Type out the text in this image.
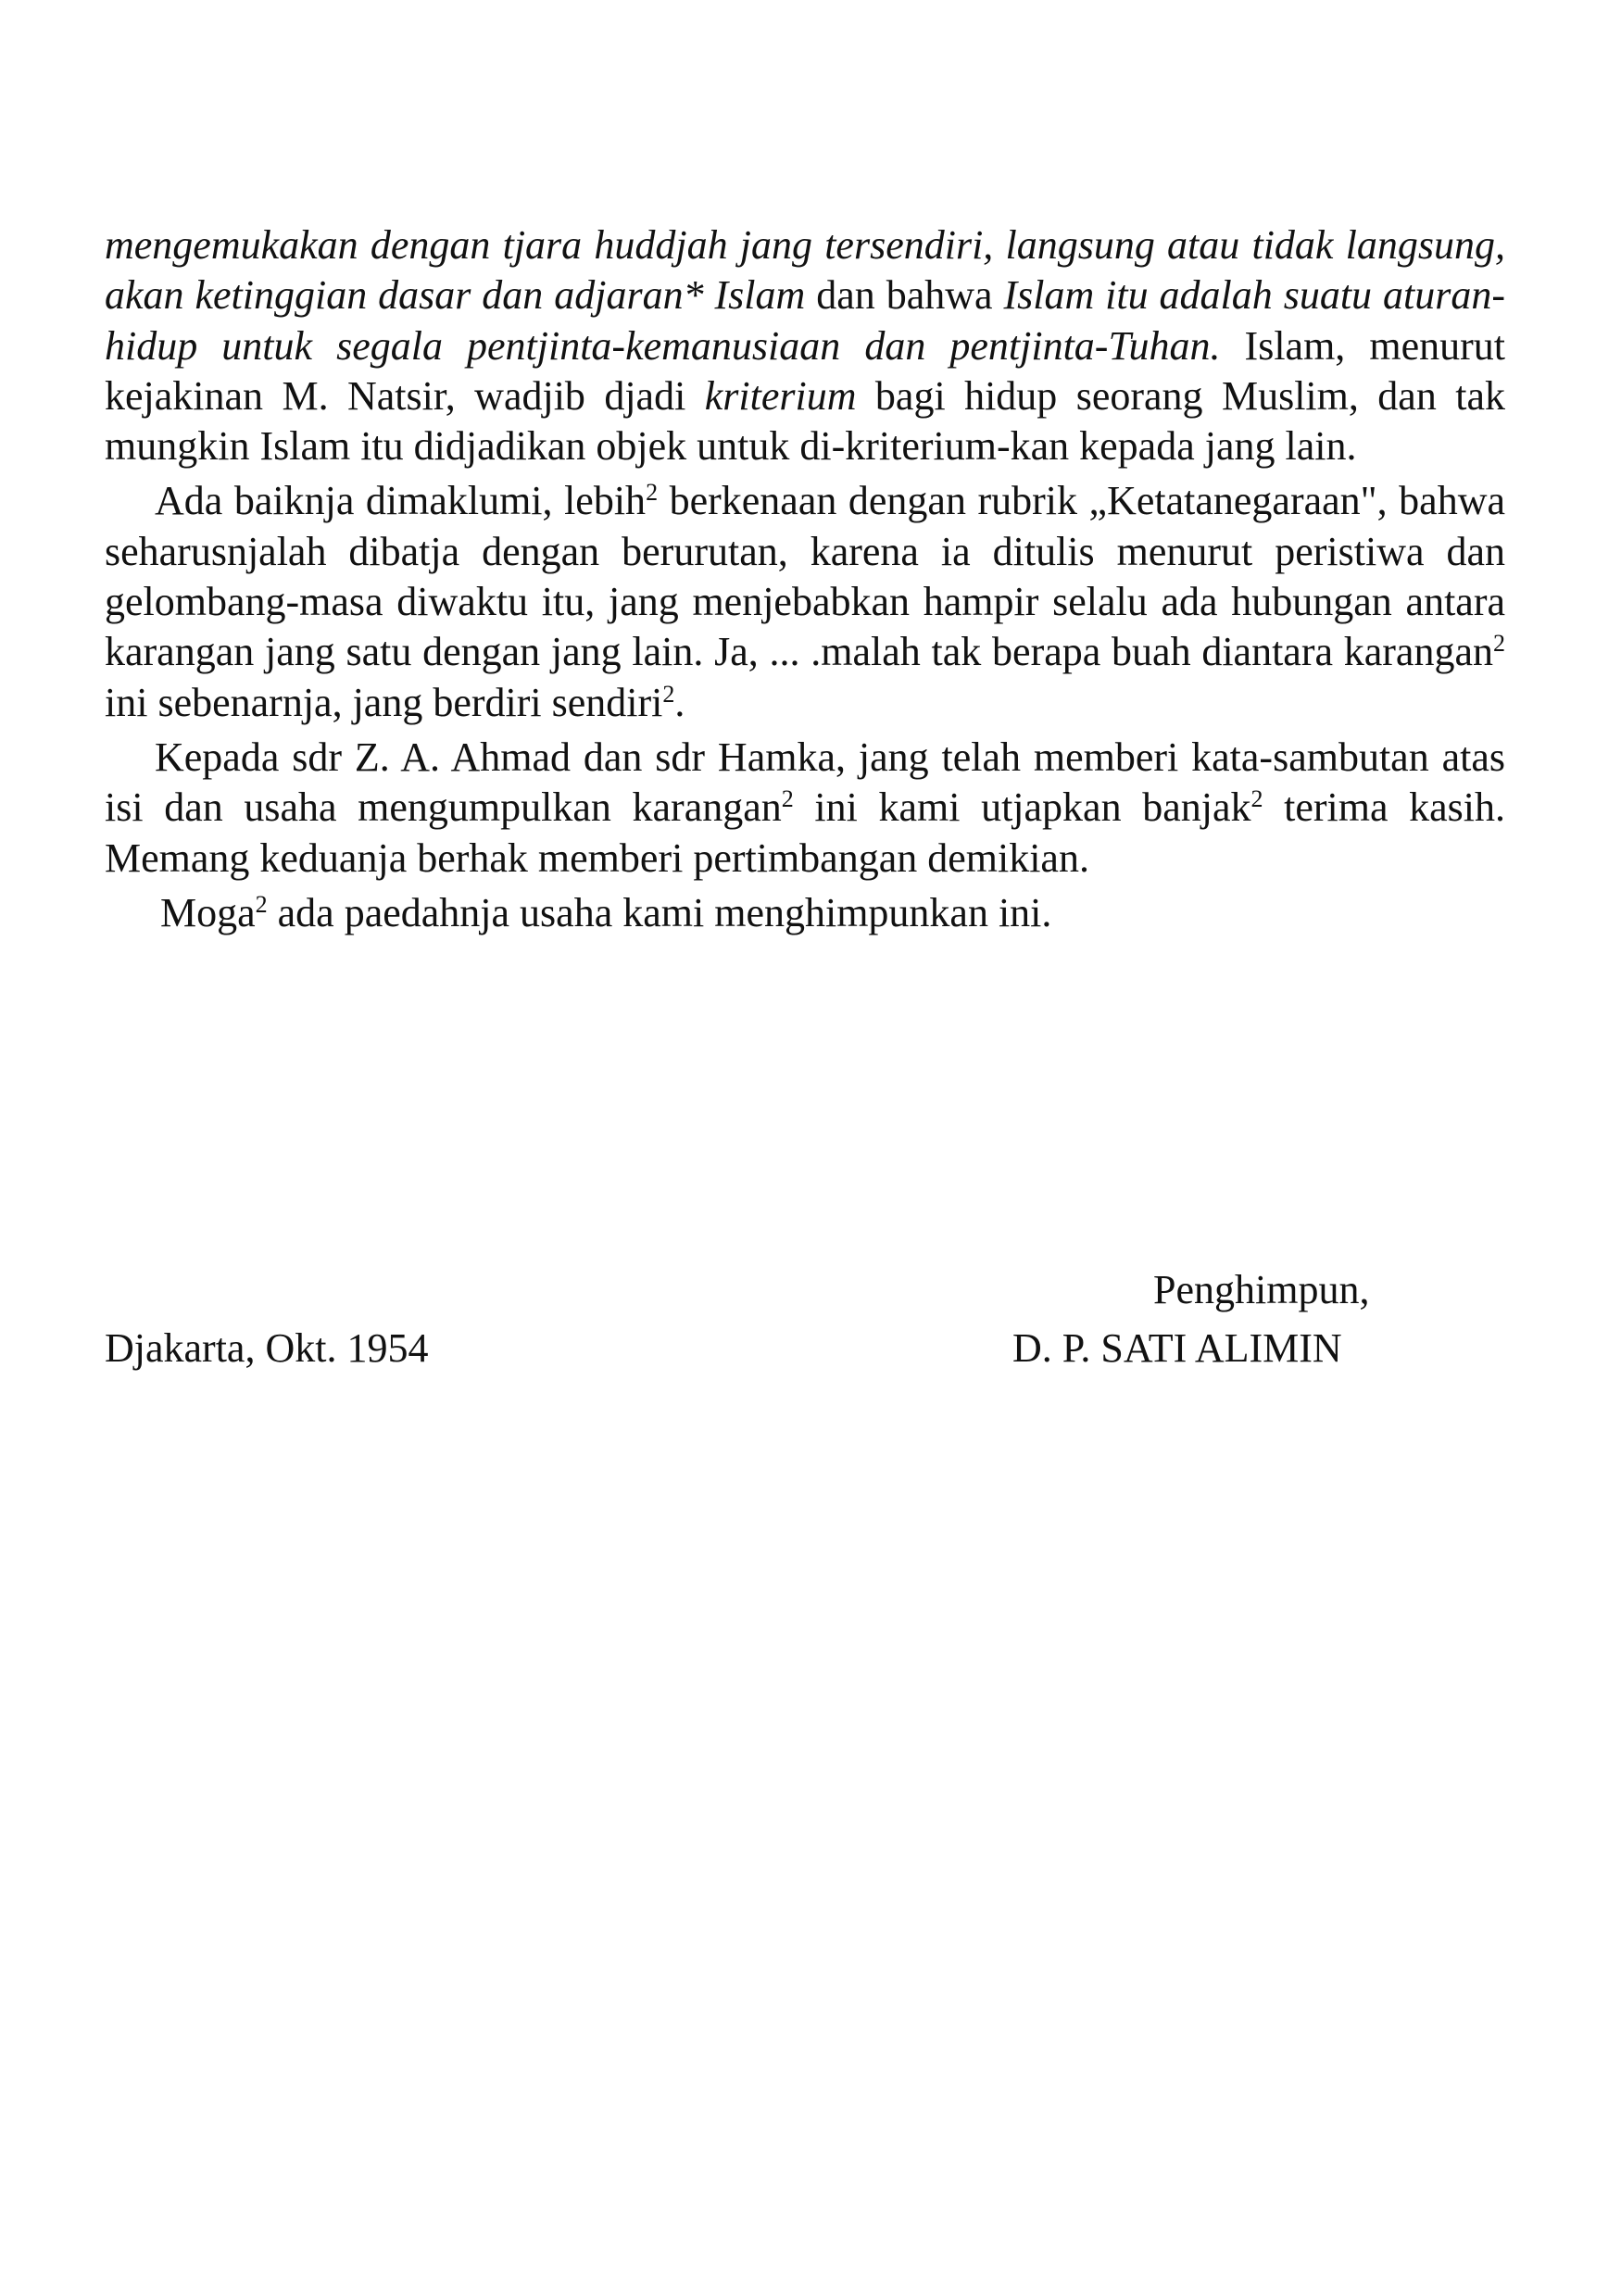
mengemukakan dengan tjara huddjah jang tersendiri, langsung atau tidak langsung, akan ketinggian dasar dan adjaran* Islam dan bahwa Islam itu adalah suatu aturan-hidup untuk segala pentjinta-kemanusiaan dan pentjinta-Tuhan. Islam, menurut kejakinan M. Natsir, wadjib djadi kriterium bagi hidup seorang Muslim, dan tak mungkin Islam itu didjadikan objek untuk di-kriterium-kan kepada jang lain.

Ada baiknja dimaklumi, lebih$^2$ berkenaan dengan rubrik „Ketatanegaraan", bahwa seharusnjalah dibatja dengan berurutan, karena ia ditulis menurut peristiwa dan gelombang-masa diwaktu itu, jang menjebabkan hampir selalu ada hubungan antara karangan jang satu dengan jang lain. Ja, ... .malah tak berapa buah diantara karangan$^2$ ini sebenarnja, jang berdiri sendiri$^2$.

Kepada sdr Z. A. Ahmad dan sdr Hamka, jang telah memberi kata-sambutan atas isi dan usaha mengumpulkan karangan$^2$ ini kami utjapkan banjak$^2$ terima kasih. Memang keduanja berhak memberi pertimbangan demikian.

Moga$^2$ ada paedahnja usaha kami menghimpunkan ini.

Penghimpun,
Djakarta, Okt. 1954	D. P. SATI ALIMIN
